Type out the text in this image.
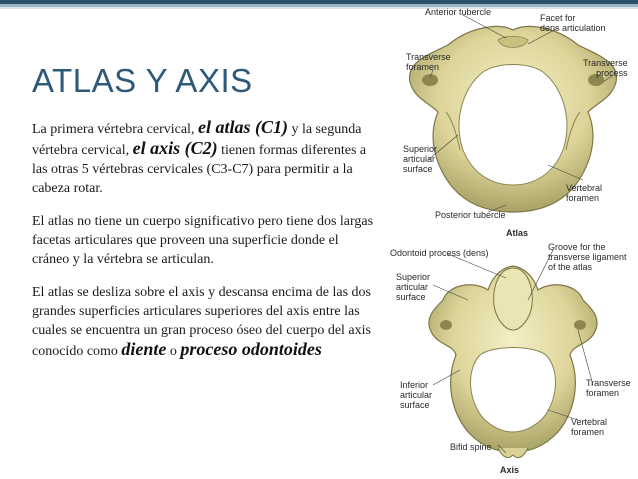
ATLAS Y AXIS

La primera vértebra cervical, el atlas (C1) y la segunda vértebra cervical, el axis (C2) tienen formas diferentes a las otras 5 vértebras cervicales (C3-C7) para permitir a la cabeza rotar.

El atlas no tiene un cuerpo significativo pero tiene dos largas facetas articulares que proveen una superficie donde el cráneo y la vértebra se articulan.

El atlas se desliza sobre el axis y descansa encima de las dos grandes superficies articulares superiores del axis entre las cuales se encuentra un gran proceso óseo del cuerpo del axis conocido como diente o proceso odontoides

Anterior tubercle
Facet for
dens articulation
Transverse
foramen	Transverse
process
Superior
articular
surface
Vertebral
foramen
Posterior tubercle
Atlas
Odontoid process (dens)
Groove for the
transverse ligament
of the atlas
Superior
articular
surface
Inferior
articular
surface
Transverse
foramen
Vertebral
foramen
Bifid spine
Axis
